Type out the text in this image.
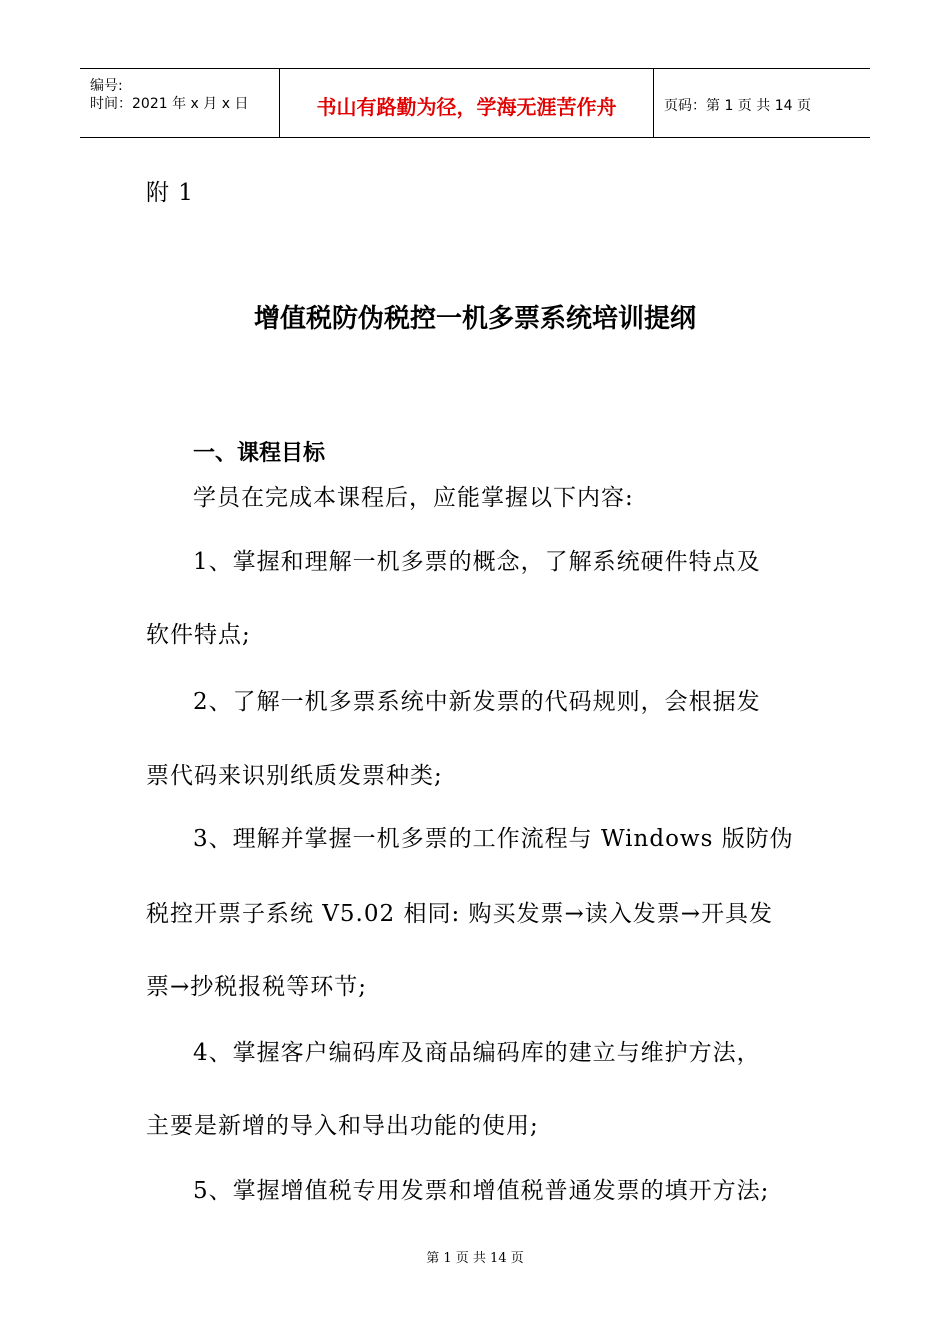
编号:
时间：2021 年 x 月 x 日	书山有路勤为径，学海无涯苦作舟	页码：第 1 页 共 14 页
附 1
增值税防伪税控一机多票系统培训提纲
一、课程目标
学员在完成本课程后，应能掌握以下内容:
1、掌握和理解一机多票的概念，了解系统硬件特点及
软件特点;
2、了解一机多票系统中新发票的代码规则，会根据发
票代码来识别纸质发票种类;
3、理解并掌握一机多票的工作流程与 Windows 版防伪
税控开票子系统 V5.02 相同: 购买发票→读入发票→开具发
票→抄税报税等环节;
4、掌握客户编码库及商品编码库的建立与维护方法，
主要是新增的导入和导出功能的使用;
5、掌握增值税专用发票和增值税普通发票的填开方法;
第 1 页 共 14 页
